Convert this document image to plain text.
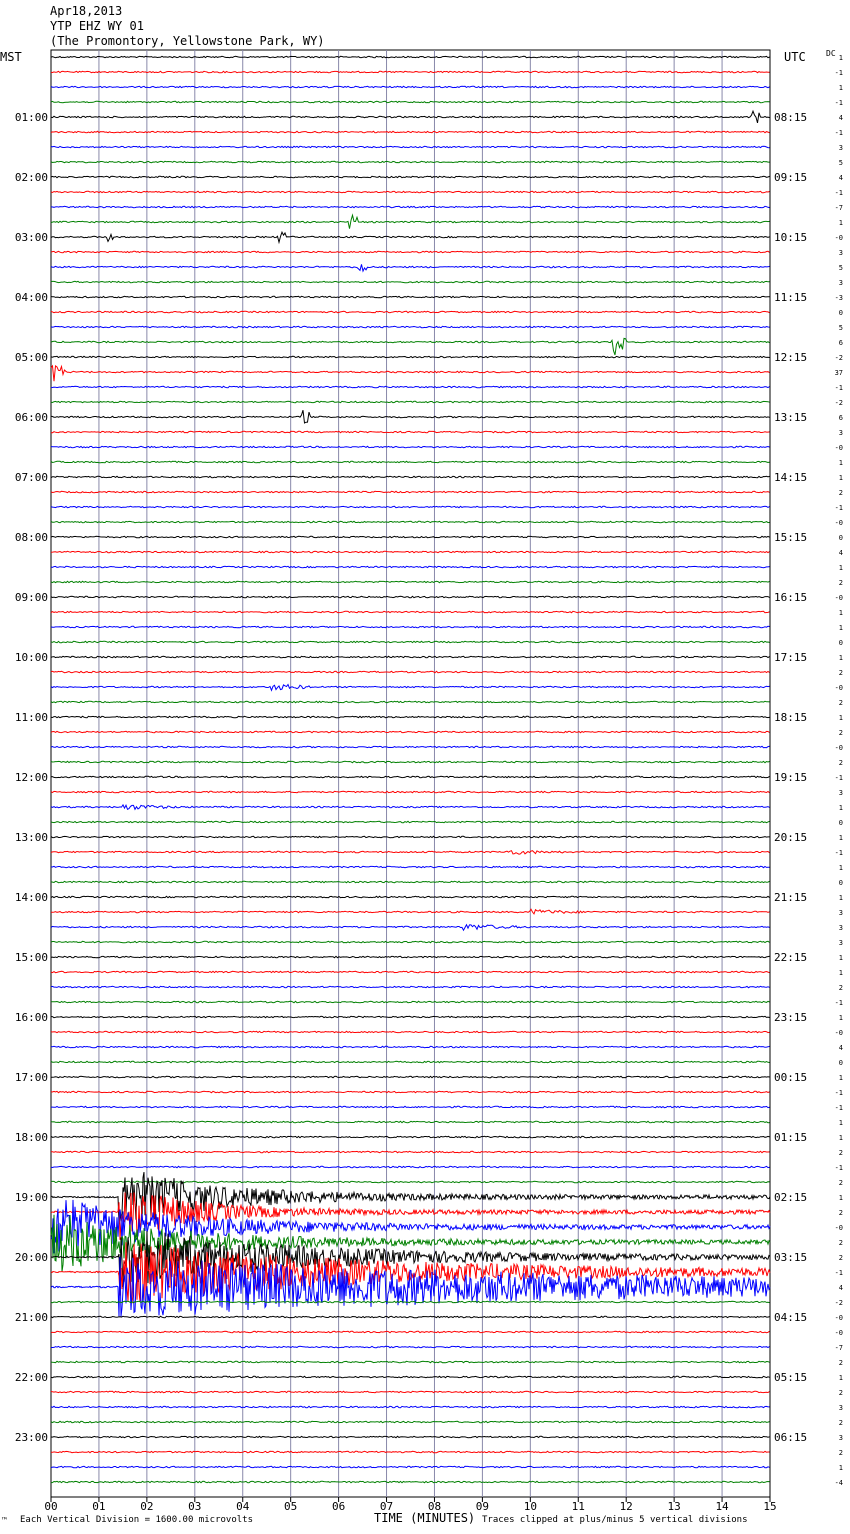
Apr18,2013
YTP EHZ WY 01
(The Promontory, Yellowstone Park, WY)
MST	UTC	DC 1
-1
1
-1
4
-1
3
5
4
-1
-7
1
-0
3
5
3
-3
0
5
6
-2
37
-1
-2
6
3
-0
1
1
2
-1
-0
0
4
1
2
-0
1
1
0
1
2
-0
2
1
2
-0
2
-1
3
1
0
1
-1
1
0
1
3
3
3
1
1
2
-1
1
-0
4
0
1
-1
-1
1
1
2
-1
2
1
2
-0
2
2
-1
4
-2
-0
-0
-7
2
1
2
3
2
3
2
1
-4
01:00
02:00
03:00
04:00
05:00
06:00
07:00
08:00
09:00
10:00
11:00
12:00
13:00
14:00
15:00
16:00
17:00
18:00
19:00
20:00
21:00
22:00
23:00
08:15
09:15
10:15
11:15
12:15
13:15
14:15
15:15
16:15
17:15
18:15
19:15
20:15
21:15
22:15
23:15
00:15
01:15
02:15
03:15
04:15
05:15
06:15
00	01	02	03	04	05	06	07	08	09	10	11	12	13	14	15
™ Each Vertical Division = 1600.00 microvolts	TIME (MINUTES) Traces clipped at plus/minus 5 vertical divisions
